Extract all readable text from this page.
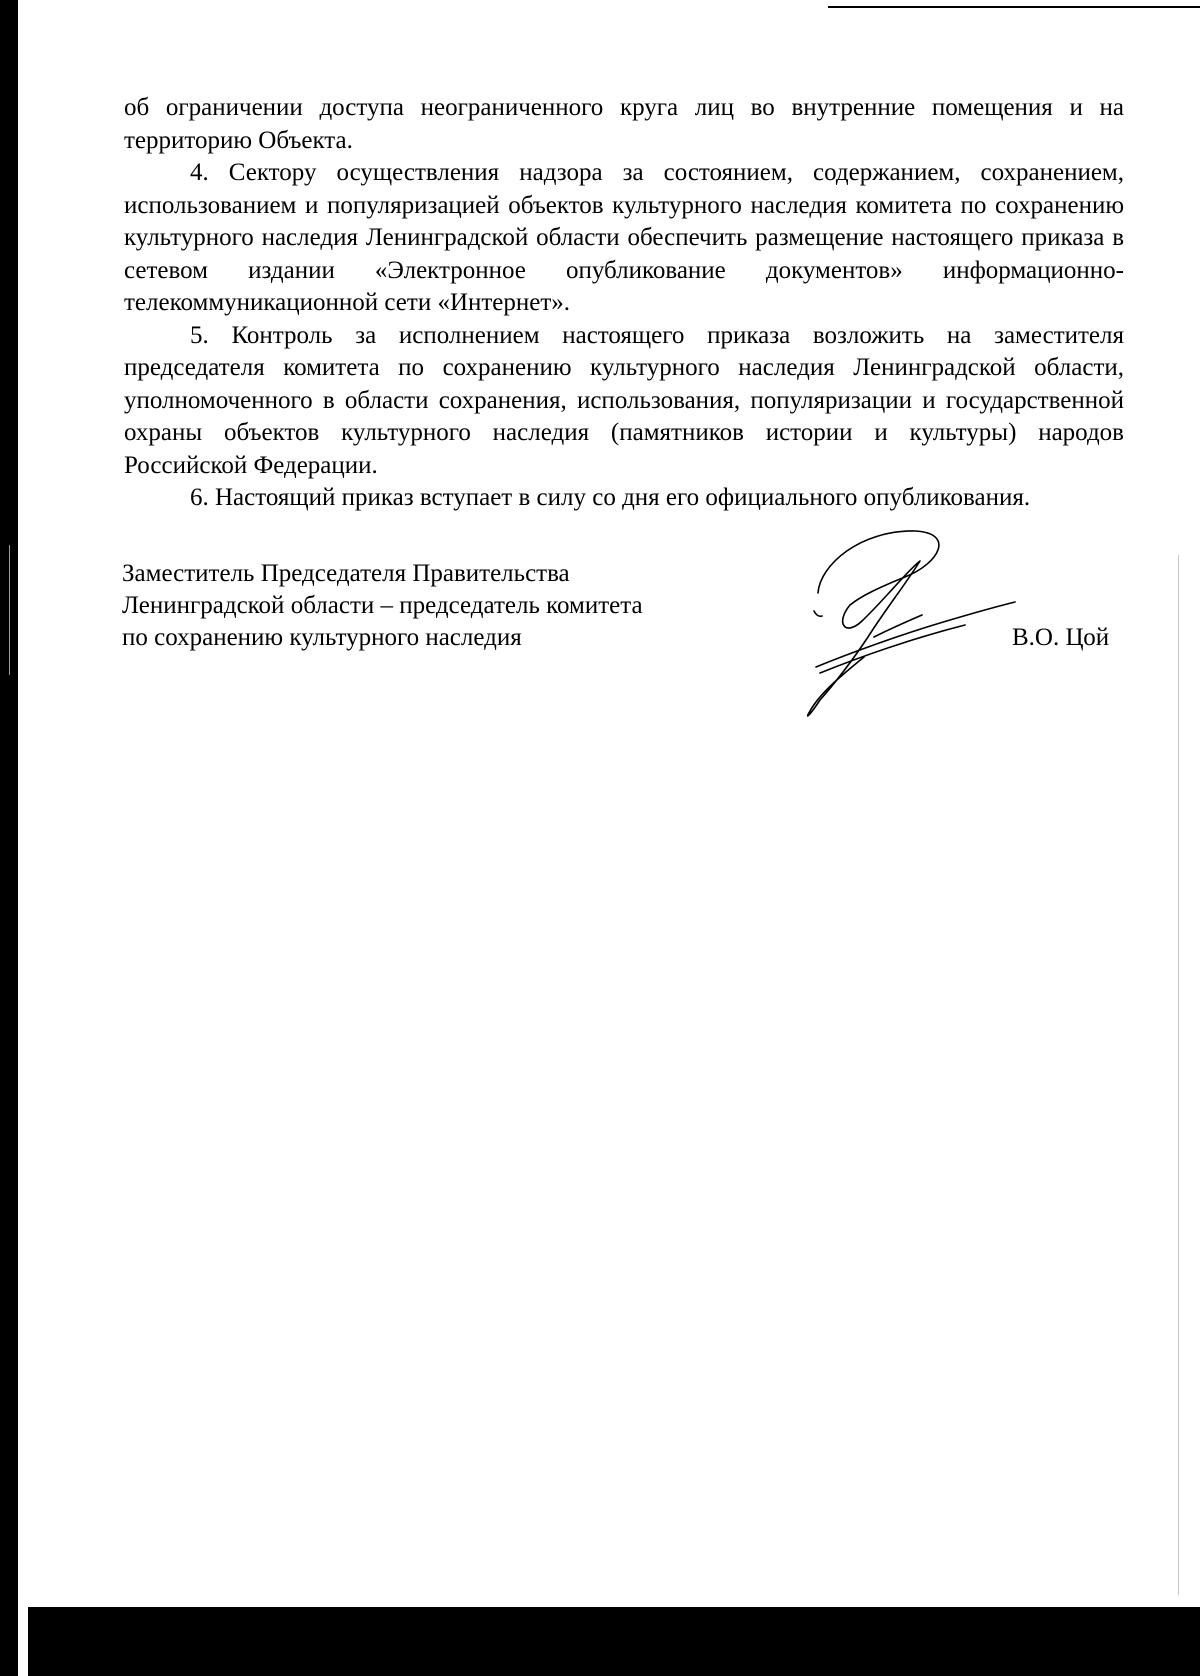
об ограничении доступа неограниченного круга лиц во внутренние помещения и на территорию Объекта.

4. Сектору осуществления надзора за состоянием, содержанием, сохранением, использованием и популяризацией объектов культурного наследия комитета по сохранению культурного наследия Ленинградской области обеспечить размещение настоящего приказа в сетевом издании «Электронное опубликование документов» информационно-телекоммуникационной сети «Интернет».

5. Контроль за исполнением настоящего приказа возложить на заместителя председателя комитета по сохранению культурного наследия Ленинградской области, уполномоченного в области сохранения, использования, популяризации и государственной охраны объектов культурного наследия (памятников истории и культуры) народов Российской Федерации.

6. Настоящий приказ вступает в силу со дня его официального опубликования.

Заместитель Председателя Правительства
Ленинградской области – председатель комитета
по сохранению культурного наследия	В.О. Цой
